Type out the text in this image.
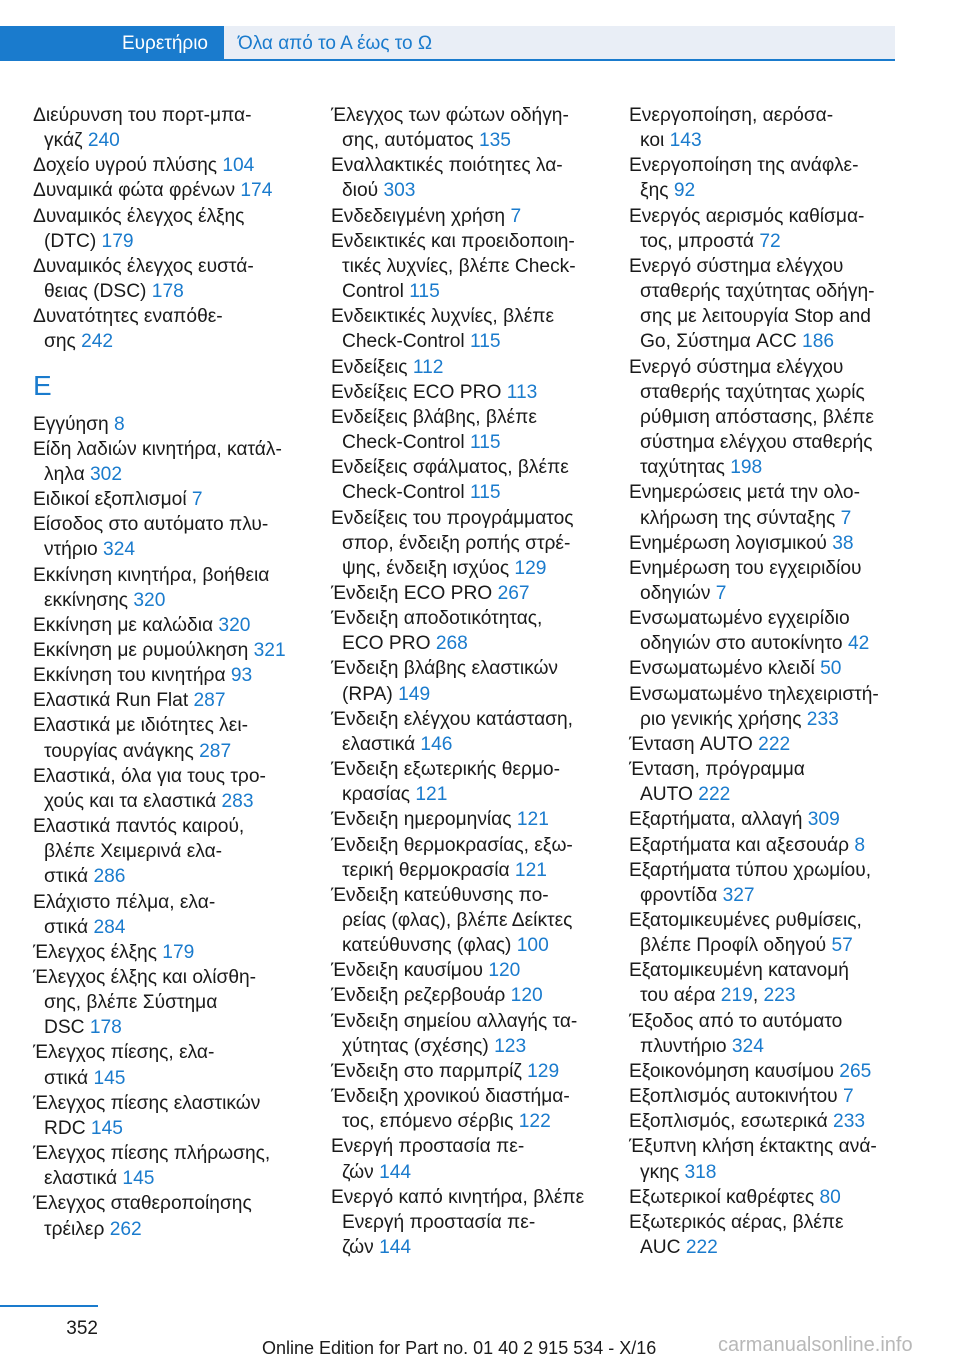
Ευρετήριο	Όλα από το Α έως το Ω
Διεύρυνση του πορτ-μπα-
γκάζ 240
Δοχείο υγρού πλύσης 104
Δυναμικά φώτα φρένων 174
Δυναμικός έλεγχος έλξης
(DTC) 179
Δυναμικός έλεγχος ευστά-
θειας (DSC) 178
Δυνατότητες εναπόθε-
σης 242
Ε
Εγγύηση 8
Είδη λαδιών κινητήρα, κατάλ-
ληλα 302
Ειδικοί εξοπλισμοί 7
Είσοδος στο αυτόματο πλυ-
ντήριο 324
Εκκίνηση κινητήρα, βοήθεια
εκκίνησης 320
Εκκίνηση με καλώδια 320
Εκκίνηση με ρυμούλκηση 321
Εκκίνηση του κινητήρα 93
Ελαστικά Run Flat 287
Ελαστικά με ιδιότητες λει-
τουργίας ανάγκης 287
Ελαστικά, όλα για τους τρο-
χούς και τα ελαστικά 283
Ελαστικά παντός καιρού,
βλέπε Χειμερινά ελα-
στικά 286
Ελάχιστο πέλμα, ελα-
στικά 284
Έλεγχος έλξης 179
Έλεγχος έλξης και ολίσθη-
σης, βλέπε Σύστημα
DSC 178
Έλεγχος πίεσης, ελα-
στικά 145
Έλεγχος πίεσης ελαστικών
RDC 145
Έλεγχος πίεσης πλήρωσης,
ελαστικά 145
Έλεγχος σταθεροποίησης
τρέιλερ 262
Έλεγχος των φώτων οδήγη-
σης, αυτόματος 135
Εναλλακτικές ποιότητες λα-
διού 303
Ενδεδειγμένη χρήση 7
Ενδεικτικές και προειδοποιη-
τικές λυχνίες, βλέπε Check-
Control 115
Ενδεικτικές λυχνίες, βλέπε
Check-Control 115
Ενδείξεις 112
Ενδείξεις ECO PRO 113
Ενδείξεις βλάβης, βλέπε
Check-Control 115
Ενδείξεις σφάλματος, βλέπε
Check-Control 115
Ενδείξεις του προγράμματος
σπορ, ένδειξη ροπής στρέ-
ψης, ένδειξη ισχύος 129
Ένδειξη ECO PRO 267
Ένδειξη αποδοτικότητας,
ECO PRO 268
Ένδειξη βλάβης ελαστικών
(RPA) 149
Ένδειξη ελέγχου κατάσταση,
ελαστικά 146
Ένδειξη εξωτερικής θερμο-
κρασίας 121
Ένδειξη ημερομηνίας 121
Ένδειξη θερμοκρασίας, εξω-
τερική θερμοκρασία 121
Ένδειξη κατεύθυνσης πο-
ρείας (φλας), βλέπε Δείκτες
κατεύθυνσης (φλας) 100
Ένδειξη καυσίμου 120
Ένδειξη ρεζερβουάρ 120
Ένδειξη σημείου αλλαγής τα-
χύτητας (σχέσης) 123
Ένδειξη στο παρμπρίζ 129
Ένδειξη χρονικού διαστήμα-
τος, επόμενο σέρβις 122
Ενεργή προστασία πε-
ζών 144
Ενεργό καπό κινητήρα, βλέπε
Ενεργή προστασία πε-
ζών 144
Ενεργοποίηση, αερόσα-
κοι 143
Ενεργοποίηση της ανάφλε-
ξης 92
Ενεργός αερισμός καθίσμα-
τος, μπροστά 72
Ενεργό σύστημα ελέγχου
σταθερής ταχύτητας οδήγη-
σης με λειτουργία Stop and
Go, Σύστημα ACC 186
Ενεργό σύστημα ελέγχου
σταθερής ταχύτητας χωρίς
ρύθμιση απόστασης, βλέπε
σύστημα ελέγχου σταθερής
ταχύτητας 198
Ενημερώσεις μετά την ολο-
κλήρωση της σύνταξης 7
Ενημέρωση λογισμικού 38
Ενημέρωση του εγχειριδίου
οδηγιών 7
Ενσωματωμένο εγχειρίδιο
οδηγιών στο αυτοκίνητο 42
Ενσωματωμένο κλειδί 50
Ενσωματωμένο τηλεχειριστή-
ριο γενικής χρήσης 233
Ένταση AUTO 222
Ένταση, πρόγραμμα
AUTO 222
Εξαρτήματα, αλλαγή 309
Εξαρτήματα και αξεσουάρ 8
Εξαρτήματα τύπου χρωμίου,
φροντίδα 327
Εξατομικευμένες ρυθμίσεις,
βλέπε Προφίλ οδηγού 57
Εξατομικευμένη κατανομή
του αέρα 219, 223
Έξοδος από το αυτόματο
πλυντήριο 324
Εξοικονόμηση καυσίμου 265
Εξοπλισμός αυτοκινήτου 7
Εξοπλισμός, εσωτερικά 233
Έξυπνη κλήση έκτακτης ανά-
γκης 318
Εξωτερικοί καθρέφτες 80
Εξωτερικός αέρας, βλέπε
AUC 222
352
Online Edition for Part no. 01 40 2 915 534 - X/16	carmanualsonline.info
